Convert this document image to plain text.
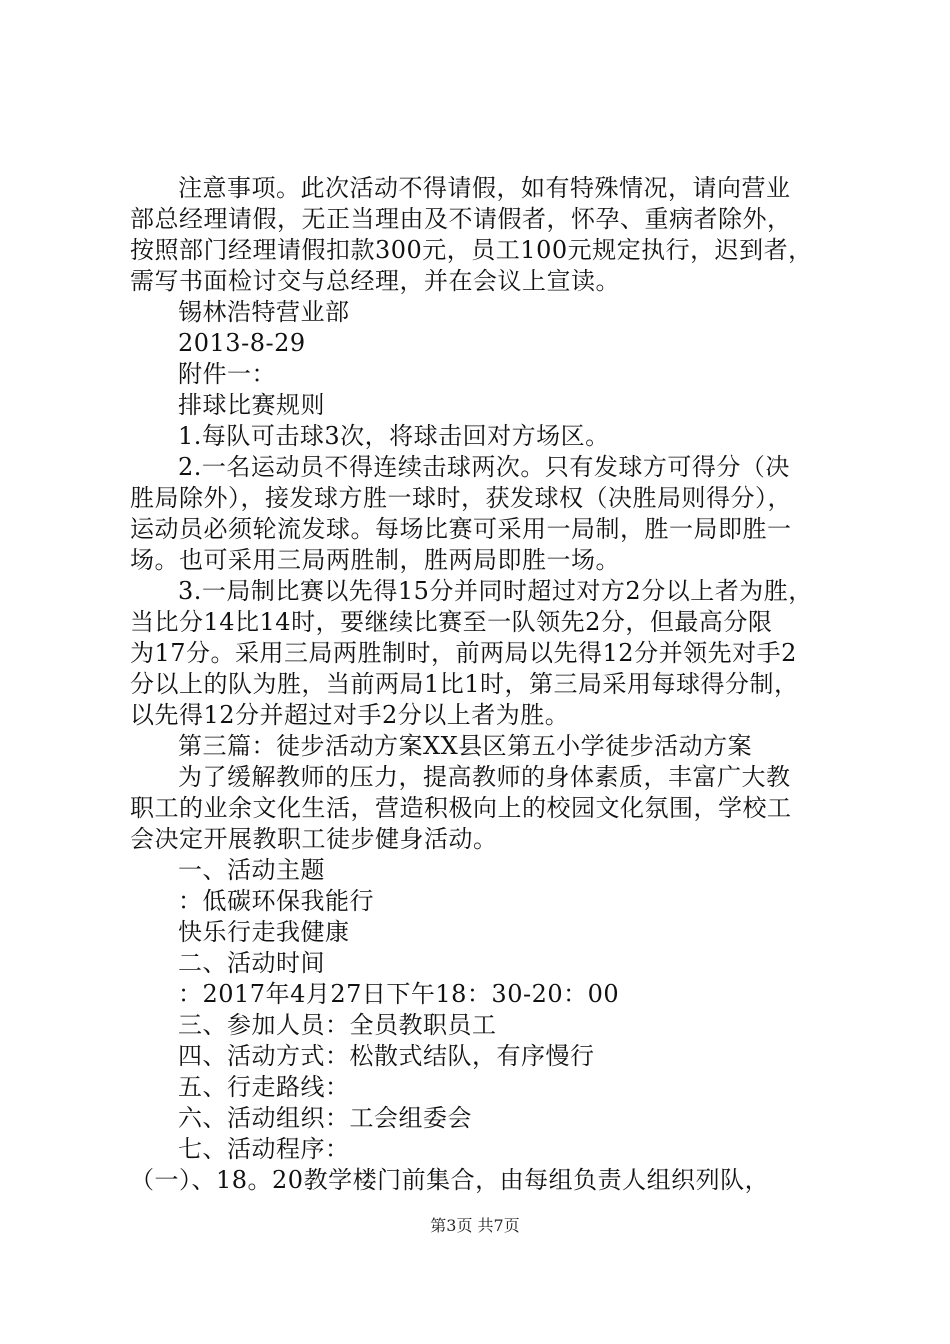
注意事项。此次活动不得请假，如有特殊情况，请向营业
部总经理请假，无正当理由及不请假者，怀孕、重病者除外，
按照部门经理请假扣款300元，员工100元规定执行，迟到者，
需写书面检讨交与总经理，并在会议上宣读。
锡林浩特营业部
2013-8-29
附件一：
排球比赛规则
1.每队可击球3次，将球击回对方场区。
2.一名运动员不得连续击球两次。只有发球方可得分（决
胜局除外），接发球方胜一球时，获发球权（决胜局则得分），
运动员必须轮流发球。每场比赛可采用一局制，胜一局即胜一
场。也可采用三局两胜制，胜两局即胜一场。
3.一局制比赛以先得15分并同时超过对方2分以上者为胜，
当比分14比14时，要继续比赛至一队领先2分，但最高分限
为17分。采用三局两胜制时，前两局以先得12分并领先对手2
分以上的队为胜，当前两局1比1时，第三局采用每球得分制，
以先得12分并超过对手2分以上者为胜。
第三篇：徒步活动方案XX县区第五小学徒步活动方案
为了缓解教师的压力，提高教师的身体素质，丰富广大教
职工的业余文化生活，营造积极向上的校园文化氛围，学校工
会决定开展教职工徒步健身活动。
一、活动主题
：低碳环保我能行
快乐行走我健康
二、活动时间
：2017年4月27日下午18：30-20：00
三、参加人员：全员教职员工
四、活动方式：松散式结队，有序慢行
五、行走路线：
六、活动组织：工会组委会
七、活动程序：
（一）、18。20教学楼门前集合，由每组负责人组织列队，
第3页 共7页
